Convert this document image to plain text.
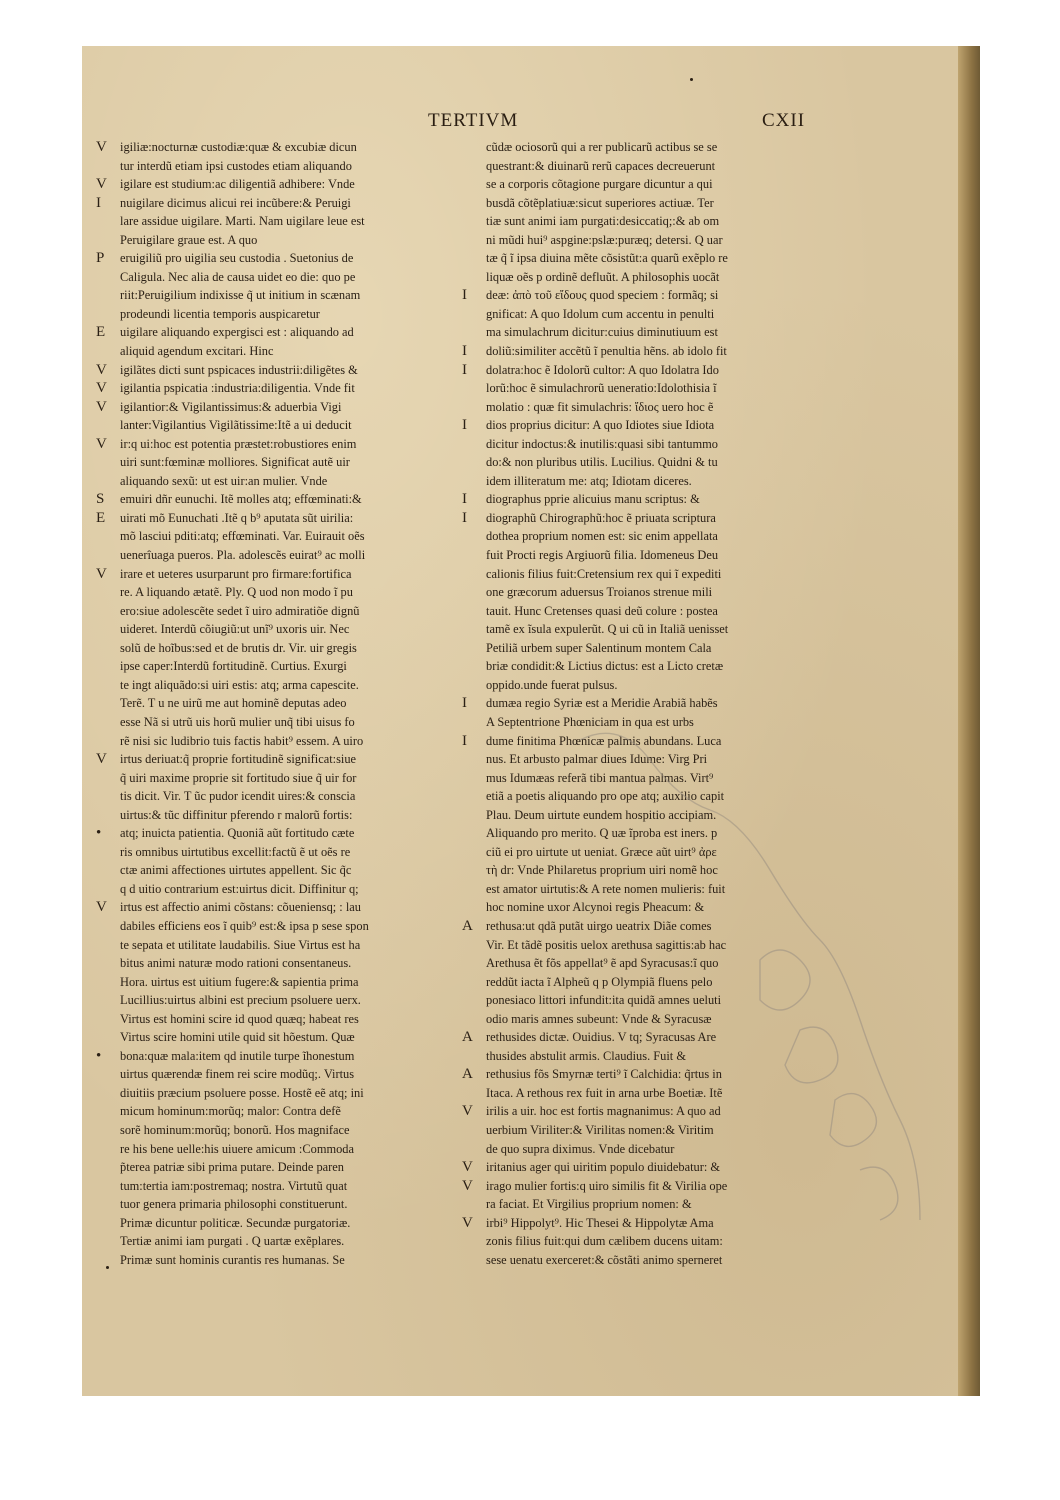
TERTIVM	CXII
V	igiliæ:nocturnæ custodiæ:quæ & excubiæ dicun
tur interdũ etiam ipsi custodes etiam aliquando
V	igilare est studium:ac diligentiã adhibere: Vnde
I	nuigilare dicimus alicui rei incũbere:& Peruigi
lare assidue uigilare. Marti. Nam uigilare leue est
Peruigilare graue est. A quo
P	eruigiliũ pro uigilia seu custodia . Suetonius de
Caligula. Nec alia de causa uidet eo die: quo pe
riit:Peruigilium indixisse q̃ ut initium in scænam
prodeundi licentia temporis auspicaretur
E	uigilare aliquando expergisci est : aliquando ad
aliquid agendum excitari. Hinc
V	igilãtes dicti sunt pspicaces industrii:diligẽtes &
V	igilantia pspicatia :industria:diligentia. Vnde fit
V	igilantior:& Vigilantissimus:& aduerbia Vigi
lanter:Vigilantius Vigilãtissime:Itẽ a ui deducit
V	ir:q ui:hoc est potentia præstet:robustiores enim
uiri sunt:fœminæ molliores. Significat autẽ uir
aliquando sexũ: ut est uir:an mulier. Vnde
S	emuiri dñr eunuchi. Itẽ molles atq; effœminati:&
E	uirati mõ Eunuchati .Itẽ q b⁹ aputata sũt uirilia:
mõ lasciui pditi:atq; effœminati. Var. Euirauit oẽs
uenerîuaga pueros. Pla. adolescẽs euirat⁹ ac molli
V	irare et ueteres usurparunt pro firmare:fortifica
re. A liquando ætatẽ. Ply. Q uod non modo ĩ pu
ero:siue adolescẽte sedet ĩ uiro admiratiõe dignũ
uideret. Interdũ cõiugiũ:ut unĩ⁹ uxoris uir. Nec
solũ de hoĩbus:sed et de brutis dr. Vir. uir gregis
ipse caper:Interdũ fortitudinẽ. Curtius. Exurgi
te ingt aliquãdo:si uiri estis: atq; arma capescite.
Terẽ. T u ne uirũ me aut hominẽ deputas adeo
esse Nã si utrũ uis horũ mulier unq̃ tibi uisus fo
rẽ nisi sic ludibrio tuis factis habit⁹ essem. A uiro
V	irtus deriuat:q̃ proprie fortitudinẽ significat:siue
q̃ uiri maxime proprie sit fortitudo siue q̃ uir for
tis dicit. Vir. T ũc pudor icendit uires:& conscia
uirtus:& tũc diffinitur pferendo r malorũ fortis:
•	atq; inuicta patientia. Quoniã aũt fortitudo cæte
ris omnibus uirtutibus excellit:factũ ẽ ut oẽs re
ctæ animi affectiones uirtutes appellent. Sic q̃c
q d uitio contrarium est:uirtus dicit. Diffinitur q;
V	irtus est affectio animi cõstans: cõueniensq; : lau
dabiles efficiens eos ĩ quib⁹ est:& ipsa p sese spon
te sepata et utilitate laudabilis. Siue Virtus est ha
bitus animi naturæ modo rationi consentaneus.
Hora. uirtus est uitium fugere:& sapientia prima
Lucillius:uirtus albini est precium psoluere uerx.
Virtus est homini scire id quod quæq; habeat res
Virtus scire homini utile quid sit hõestum. Quæ
•	bona:quæ mala:item qd inutile turpe ĩhonestum
uirtus quærendæ finem rei scire modũq;. Virtus
diuitiis præcium psoluere posse. Hostẽ eẽ atq; ini
micum hominum:morũq; malor: Contra defẽ
sorẽ hominum:morũq; bonorũ. Hos magnifacе
re his bene uelle:his uiuere amicum :Commoda
p̃terea patriæ sibi prima putare. Deinde paren
tum:tertia iam:postremaq; nostra. Virtutũ quat
tuor genera primaria philosophi constituerunt.
Primæ dicuntur politicæ. Secundæ purgatoriæ.
Tertiæ animi iam purgati . Q uartæ exẽplares.
Primæ sunt hominis curantis res humanas. Se
cũdæ ociosorũ qui a rer publicarũ actibus se se
questrant:& diuinarũ rerũ capaces decreuerunt
se a corporis cõtagione purgare dicuntur a qui
busdã cõtẽplatiuæ:sicut superiores actiuæ. Ter
tiæ sunt animi iam purgati:desiccatiq;:& ab om
ni mũdi hui⁹ aspgine:pslæ:puræq; detersi. Q uar
tæ q̃ ĩ ipsa diuina mẽte cõsistũt:a quarũ exẽplo re
liquæ oẽs p ordinẽ defluũt. A philosophis uocãt
I	deæ: ἀπὸ τοῦ εἴδους quod speciem : formãq; si
gnificat: A quo Idolum cum accentu in penulti
ma simulachrum dicitur:cuius diminutiuum est
I	doliũ:similiter accẽtũ ĩ penultia hẽns. ab idolo fit
I	dolatra:hoc ẽ Idolorũ cultor: A quo Idolatra Ido
lorũ:hoc ẽ simulachrorũ ueneratio:Idolothisia ĩ
molatio : quæ fit simulachris: ἴδιος uero hoc ẽ
I	dios proprius dicitur: A quo Idiotes siue Idiota
dicitur indoctus:& inutilis:quasi sibi tantummo
do:& non pluribus utilis. Lucilius. Quidni & tu
idem illiteratum me: atq; Idiotam diceres.
I	diographus pprie alicuius manu scriptus: &
I	diographũ Chirographũ:hoc ẽ priuata scriptura
dothea proprium nomen est: sic enim appellata
fuit Procti regis Argiuorũ filia. Idomeneus Deu
calionis filius fuit:Cretensium rex qui ĩ expediti
one græcorum aduersus Troianos strenue mili
tauit. Hunc Cretenses quasi deũ colure : postea
tamẽ ex ĩsula expulerũt. Q ui cũ in Italiã uenisset
Petiliã urbem super Salentinum montem Cala
briæ condidit:& Lictius dictus: est a Licto cretæ
oppido.unde fuerat pulsus.
I	dumæa regio Syriæ est a Meridie Arabiã habẽs
A Septentrione Phœniciam in qua est urbs
I	dume finitima Phœnicæ palmis abundans. Luca
nus. Et arbusto palmar diues Idume: Virg Pri
mus Idumæas referã tibi mantua palmas. Virt⁹
etiã a poetis aliquando pro ope atq; auxilio capit
Plau. Deum uirtute eundem hospitio accipiam.
Aliquando pro merito. Q uæ ĩproba est iners. p
ciũ ei pro uirtute ut ueniat. Græce aũt uirt⁹ ἀρε
τὴ dr: Vnde Philaretus proprium uiri nomẽ hoc
est amator uirtutis:& A rete nomen mulieris: fuit
hoc nomine uxor Alcynoi regis Pheacum: &
A	rethusa:ut qdã putãt uirgo ueatrix Diãe comes
Vir. Et tãdẽ positis uelox arethusa sagittis:ab hac
Arethusa ẽt fõs appellat⁹ ẽ apd Syracusas:ĩ quo
reddũt iacta ĩ Alpheũ q p Olympiã fluens pelo
ponesiaco littori infundit:ita quidã amnes ueluti
odio maris amnes subeunt: Vnde & Syracusæ
A	rethusides dictæ. Ouidius. V tq; Syracusas Are
thusides abstulit armis. Claudius. Fuit &
A	rethusius fõs Smyrnæ terti⁹ ĩ Calchidia: q̃rtus in
Itaca. A rethous rex fuit in arna urbe Boetiæ. Itẽ
V	irilis a uir. hoc est fortis magnanimus: A quo ad
uerbium Viriliter:& Virilitas nomen:& Viritim
de quo supra diximus. Vnde dicebatur
V	iritanius ager qui uiritim populo diuidebatur: &
V	irago mulier fortis:q uiro similis fit & Virilia ope
ra faciat. Et Virgilius proprium nomen: &
V	irbi⁹ Hippolyt⁹. Hic Thesei & Hippolytæ Ama
zonis filius fuit:qui dum cælibem ducens uitam:
sese uenatu exerceret:& cõstãti animo sperneret
